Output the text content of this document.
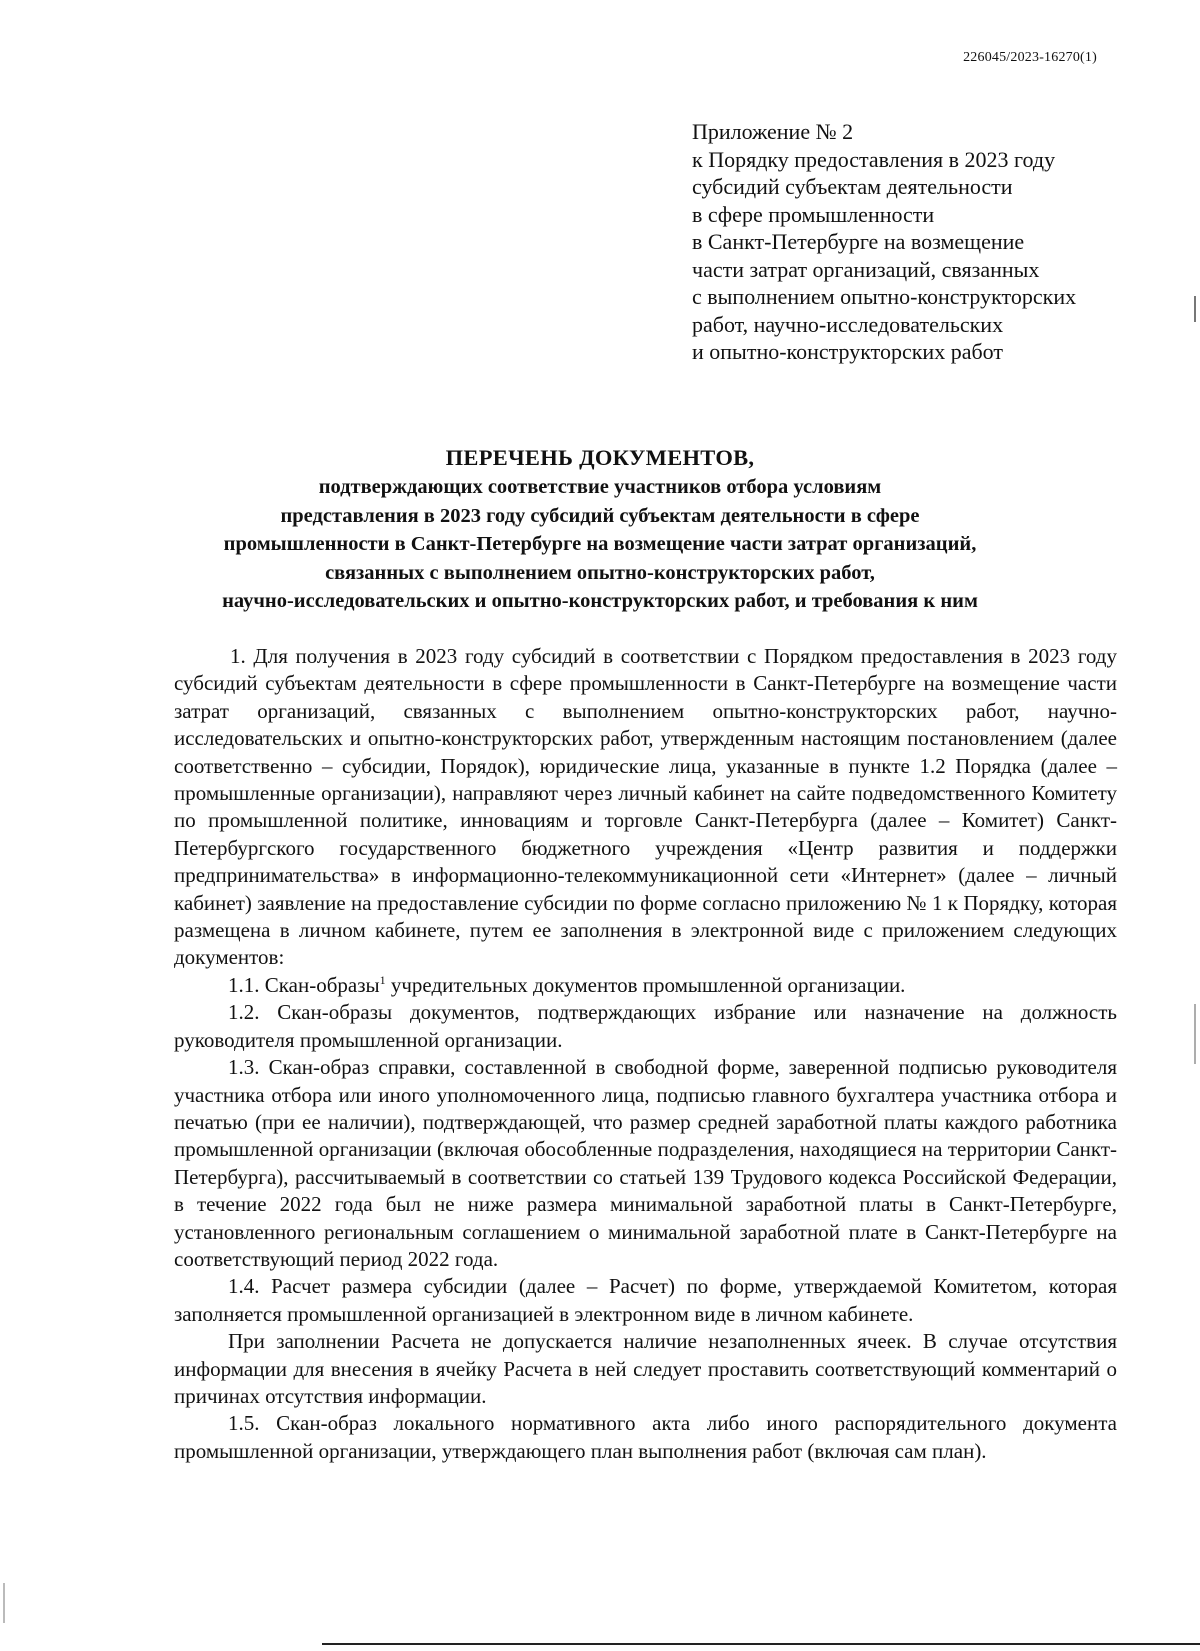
226045/2023-16270(1)
Приложение № 2
к Порядку предоставления в 2023 году
субсидий субъектам деятельности
в сфере промышленности
в Санкт-Петербурге на возмещение
части затрат организаций, связанных
с выполнением опытно-конструкторских
работ, научно-исследовательских
и опытно-конструкторских работ
ПЕРЕЧЕНЬ ДОКУМЕНТОВ,
подтверждающих соответствие участников отбора условиям
представления в 2023 году субсидий субъектам деятельности в сфере
промышленности в Санкт-Петербурге на возмещение части затрат организаций,
связанных с выполнением опытно-конструкторских работ,
научно-исследовательских и опытно-конструкторских работ, и требования к ним

1. Для получения в 2023 году субсидий в соответствии с Порядком предоставления в 2023 году субсидий субъектам деятельности в сфере промышленности в Санкт-Петербурге на возмещение части затрат организаций, связанных с выполнением опытно-конструкторских работ, научно-исследовательских и опытно-конструкторских работ, утвержденным настоящим постановлением (далее соответственно – субсидии, Порядок), юридические лица, указанные в пункте 1.2 Порядка (далее – промышленные организации), направляют через личный кабинет на сайте подведомственного Комитету по промышленной политике, инновациям и торговле Санкт-Петербурга (далее – Комитет) Санкт-Петербургского государственного бюджетного учреждения «Центр развития и поддержки предпринимательства» в информационно-телекоммуникационной сети «Интернет» (далее – личный кабинет) заявление на предоставление субсидии по форме согласно приложению № 1 к Порядку, которая размещена в личном кабинете, путем ее заполнения в электронной виде с приложением следующих документов:

1.1. Скан-образы$^1$ учредительных документов промышленной организации.

1.2. Скан-образы документов, подтверждающих избрание или назначение на должность руководителя промышленной организации.

1.3. Скан-образ справки, составленной в свободной форме, заверенной подписью руководителя участника отбора или иного уполномоченного лица, подписью главного бухгалтера участника отбора и печатью (при ее наличии), подтверждающей, что размер средней заработной платы каждого работника промышленной организации (включая обособленные подразделения, находящиеся на территории Санкт-Петербурга), рассчитываемый в соответствии со статьей 139 Трудового кодекса Российской Федерации, в течение 2022 года был не ниже размера минимальной заработной платы в Санкт-Петербурге, установленного региональным соглашением о минимальной заработной плате в Санкт-Петербурге на соответствующий период 2022 года.

1.4. Расчет размера субсидии (далее – Расчет) по форме, утверждаемой Комитетом, которая заполняется промышленной организацией в электронном виде в личном кабинете.

При заполнении Расчета не допускается наличие незаполненных ячеек. В случае отсутствия информации для внесения в ячейку Расчета в ней следует проставить соответствующий комментарий о причинах отсутствия информации.

1.5. Скан-образ локального нормативного акта либо иного распорядительного документа промышленной организации, утверждающего план выполнения работ (включая сам план).
